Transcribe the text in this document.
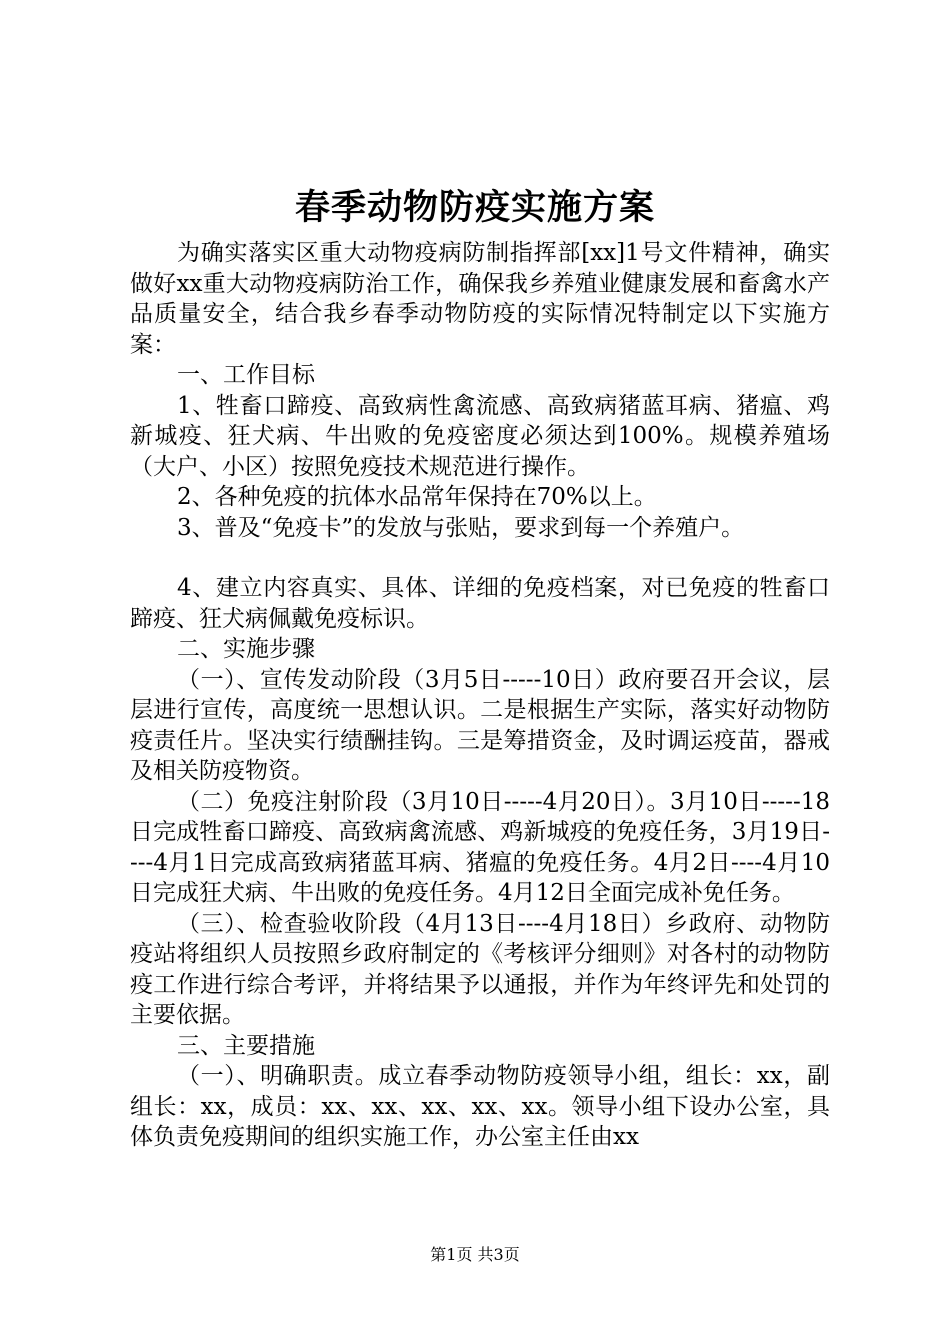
春季动物防疫实施方案

为确实落实区重大动物疫病防制指挥部[xx]1号文件精神，确实做好xx重大动物疫病防治工作，确保我乡养殖业健康发展和畜禽水产品质量安全，结合我乡春季动物防疫的实际情况特制定以下实施方案：

一、工作目标

1、牲畜口蹄疫、高致病性禽流感、高致病猪蓝耳病、猪瘟、鸡新城疫、狂犬病、牛出败的免疫密度必须达到100%。规模养殖场（大户、小区）按照免疫技术规范进行操作。

2、各种免疫的抗体水品常年保持在70%以上。

3、普及“免疫卡”的发放与张贴，要求到每一个养殖户。

4、建立内容真实、具体、详细的免疫档案，对已免疫的牲畜口蹄疫、狂犬病佩戴免疫标识。

二、实施步骤

（一）、宣传发动阶段（3月5日-----10日）政府要召开会议，层层进行宣传，高度统一思想认识。二是根据生产实际，落实好动物防疫责任片。坚决实行绩酬挂钩。三是筹措资金，及时调运疫苗，器戒及相关防疫物资。

（二）免疫注射阶段（3月10日-----4月20日）。3月10日-----18日完成牲畜口蹄疫、高致病禽流感、鸡新城疫的免疫任务，3月19日----4月1日完成高致病猪蓝耳病、猪瘟的免疫任务。4月2日----4月10日完成狂犬病、牛出败的免疫任务。4月12日全面完成补免任务。

（三）、检查验收阶段（4月13日----4月18日）乡政府、动物防疫站将组织人员按照乡政府制定的《考核评分细则》对各村的动物防疫工作进行综合考评，并将结果予以通报，并作为年终评先和处罚的主要依据。

三、主要措施

（一）、明确职责。成立春季动物防疫领导小组，组长：xx，副组长：xx，成员：xx、xx、xx、xx、xx。领导小组下设办公室，具体负责免疫期间的组织实施工作，办公室主任由xx

第1页 共3页
